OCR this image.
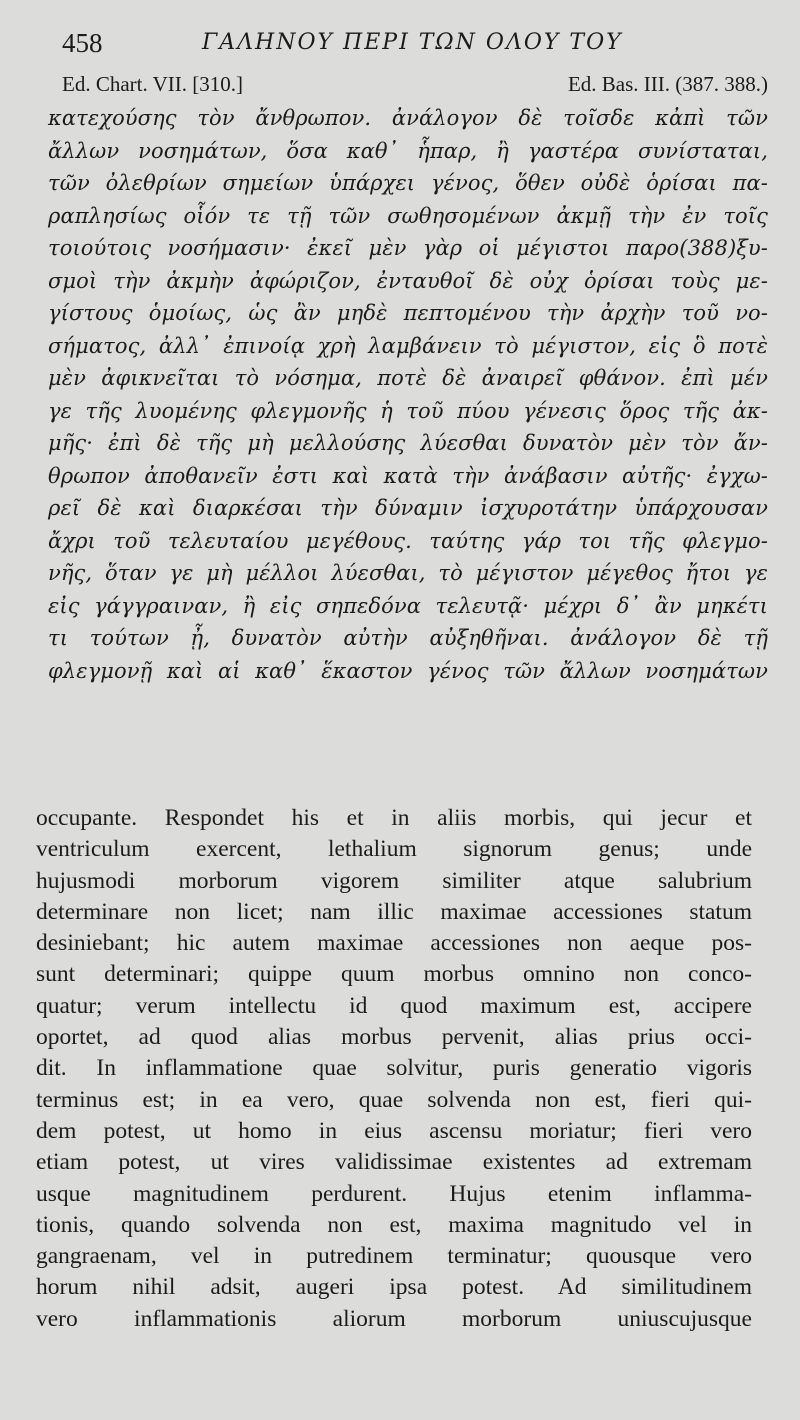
458	ΓΑΛΗΝΟΥ ΠΕΡΙ ΤΩΝ ΟΛΟΥ ΤΟΥ
Ed. Chart. VII. [310.]	Ed. Bas. III. (387. 388.)
κατεχούσης τὸν ἄνθρωπον. ἀνάλογον δὲ τοῖσδε κἀπὶ τῶν
ἄλλων νοσημάτων, ὅσα καθ᾽ ἧπαρ, ἢ γαστέρα συνίσταται,
τῶν ὀλεθρίων σημείων ὑπάρχει γένος, ὅθεν οὐδὲ ὁρίσαι πα-
ραπλησίως οἷόν τε τῇ τῶν σωθησομένων ἀκμῇ τὴν ἐν τοῖς
τοιούτοις νοσήμασιν· ἐκεῖ μὲν γὰρ οἱ μέγιστοι παρο(388)ξυ-
σμοὶ τὴν ἀκμὴν ἀφώριζον, ἐνταυθοῖ δὲ οὐχ ὁρίσαι τοὺς με-
γίστους ὁμοίως, ὡς ἂν μηδὲ πεπτομένου τὴν ἀρχὴν τοῦ νο-
σήματος, ἀλλ᾽ ἐπινοίᾳ χρὴ λαμβάνειν τὸ μέγιστον, εἰς ὃ ποτὲ
μὲν ἀφικνεῖται τὸ νόσημα, ποτὲ δὲ ἀναιρεῖ φθάνον. ἐπὶ μέν
γε τῆς λυομένης φλεγμονῆς ἡ τοῦ πύου γένεσις ὅρος τῆς ἀκ-
μῆς· ἐπὶ δὲ τῆς μὴ μελλούσης λύεσθαι δυνατὸν μὲν τὸν ἄν-
θρωπον ἀποθανεῖν ἐστι καὶ κατὰ τὴν ἀνάβασιν αὐτῆς· ἐγχω-
ρεῖ δὲ καὶ διαρκέσαι τὴν δύναμιν ἰσχυροτάτην ὑπάρχουσαν
ἄχρι τοῦ τελευταίου μεγέθους. ταύτης γάρ τοι τῆς φλεγμο-
νῆς, ὅταν γε μὴ μέλλοι λύεσθαι, τὸ μέγιστον μέγεθος ἤτοι γε
εἰς γάγγραιναν, ἢ εἰς σηπεδόνα τελευτᾷ· μέχρι δ᾽ ἂν μηκέτι
τι τούτων ᾖ, δυνατὸν αὐτὴν αὐξηθῆναι. ἀνάλογον δὲ τῇ
φλεγμονῇ καὶ αἱ καθ᾽ ἕκαστον γένος τῶν ἄλλων νοσημάτων
occupante. Respondet his et in aliis morbis, qui jecur et
ventriculum exercent, lethalium signorum genus; unde
hujusmodi morborum vigorem similiter atque salubrium
determinare non licet; nam illic maximae accessiones statum
desiniebant; hic autem maximae accessiones non aeque pos-
sunt determinari; quippe quum morbus omnino non conco-
quatur; verum intellectu id quod maximum est, accipere
oportet, ad quod alias morbus pervenit, alias prius occi-
dit. In inflammatione quae solvitur, puris generatio vigoris
terminus est; in ea vero, quae solvenda non est, fieri qui-
dem potest, ut homo in eius ascensu moriatur; fieri vero
etiam potest, ut vires validissimae existentes ad extremam
usque magnitudinem perdurent. Hujus etenim inflamma-
tionis, quando solvenda non est, maxima magnitudo vel in
gangraenam, vel in putredinem terminatur; quousque vero
horum nihil adsit, augeri ipsa potest. Ad similitudinem
vero inflammationis aliorum morborum uniuscujusque
